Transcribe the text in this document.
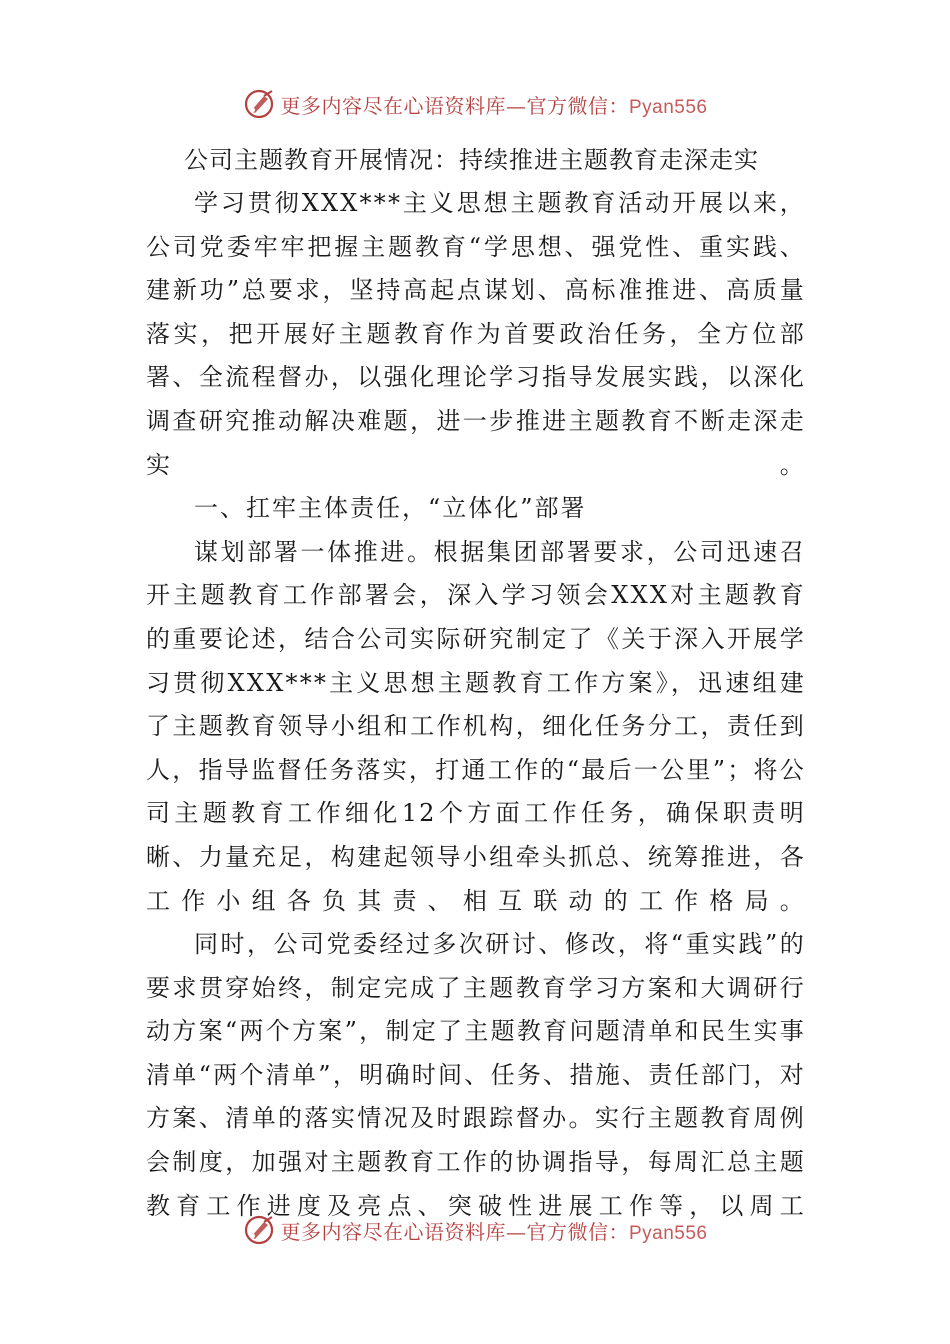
更多内容尽在心语资料库—官方微信：Pyan556

公司主题教育开展情况：持续推进主题教育走深走实

学习贯彻XXX***主义思想主题教育活动开展以来，公司党委牢牢把握主题教育“学思想、强党性、重实践、建新功”总要求，坚持高起点谋划、高标准推进、高质量落实，把开展好主题教育作为首要政治任务，全方位部署、全流程督办，以强化理论学习指导发展实践，以深化调查研究推动解决难题，进一步推进主题教育不断走深走实。

一、扛牢主体责任，“立体化”部署

谋划部署一体推进。根据集团部署要求，公司迅速召开主题教育工作部署会，深入学习领会XXX对主题教育的重要论述，结合公司实际研究制定了《关于深入开展学习贯彻XXX***主义思想主题教育工作方案》，迅速组建了主题教育领导小组和工作机构，细化任务分工，责任到人，指导监督任务落实，打通工作的“最后一公里”；将公司主题教育工作细化12个方面工作任务，确保职责明晰、力量充足，构建起领导小组牵头抓总、统筹推进，各工作小组各负其责、相互联动的工作格局。

同时，公司党委经过多次研讨、修改，将“重实践”的要求贯穿始终，制定完成了主题教育学习方案和大调研行动方案“两个方案”，制定了主题教育问题清单和民生实事清单“两个清单”，明确时间、任务、措施、责任部门，对方案、清单的落实情况及时跟踪督办。实行主题教育周例会制度，加强对主题教育工作的协调指导，每周汇总主题教育工作进度及亮点、突破性进展工作等，以周工

更多内容尽在心语资料库—官方微信：Pyan556
